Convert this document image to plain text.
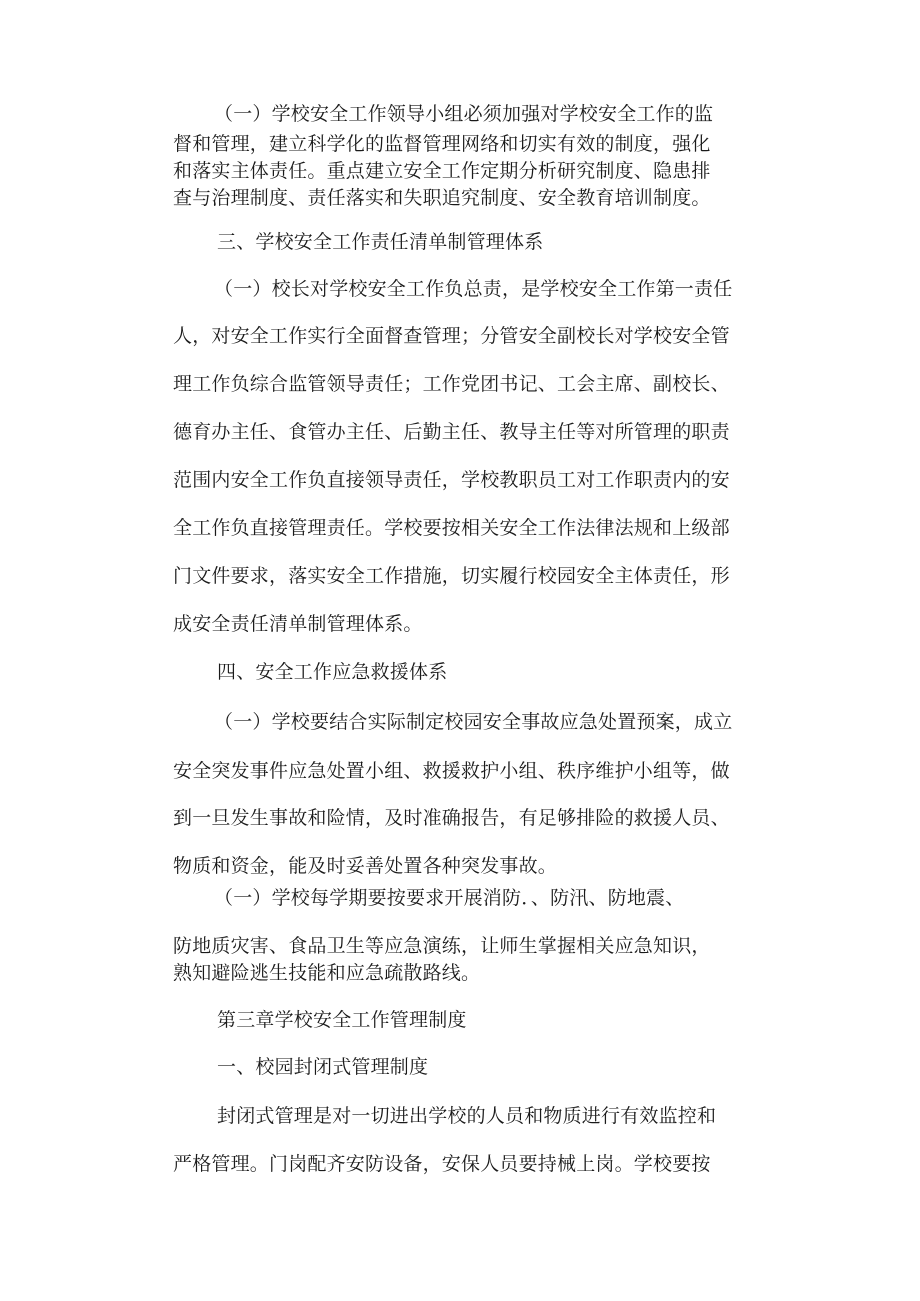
（一）学校安全工作领导小组必须加强对学校安全工作的监
督和管理，建立科学化的监督管理网络和切实有效的制度，强化
和落实主体责任。重点建立安全工作定期分析研究制度、隐患排
查与治理制度、责任落实和失职追究制度、安全教育培训制度。
三、学校安全工作责任清单制管理体系
（一）校长对学校安全工作负总责，是学校安全工作第一责任
人，对安全工作实行全面督查管理；分管安全副校长对学校安全管
理工作负综合监管领导责任；工作党团书记、工会主席、副校长、
德育办主任、食管办主任、后勤主任、教导主任等对所管理的职责
范围内安全工作负直接领导责任，学校教职员工对工作职责内的安
全工作负直接管理责任。学校要按相关安全工作法律法规和上级部
门文件要求，落实安全工作措施，切实履行校园安全主体责任，形
成安全责任清单制管理体系。
四、安全工作应急救援体系
（一）学校要结合实际制定校园安全事故应急处置预案，成立
安全突发事件应急处置小组、救援救护小组、秩序维护小组等，做
到一旦发生事故和险情，及时准确报告，有足够排险的救援人员、
物质和资金，能及时妥善处置各种突发事故。
（一）学校每学期要按要求开展消防．、防汛、防地震、
防地质灾害、食品卫生等应急演练，让师生掌握相关应急知识，
熟知避险逃生技能和应急疏散路线。
第三章学校安全工作管理制度
一、校园封闭式管理制度
封闭式管理是对一切进出学校的人员和物质进行有效监控和
严格管理。门岗配齐安防设备，安保人员要持械上岗。学校要按
